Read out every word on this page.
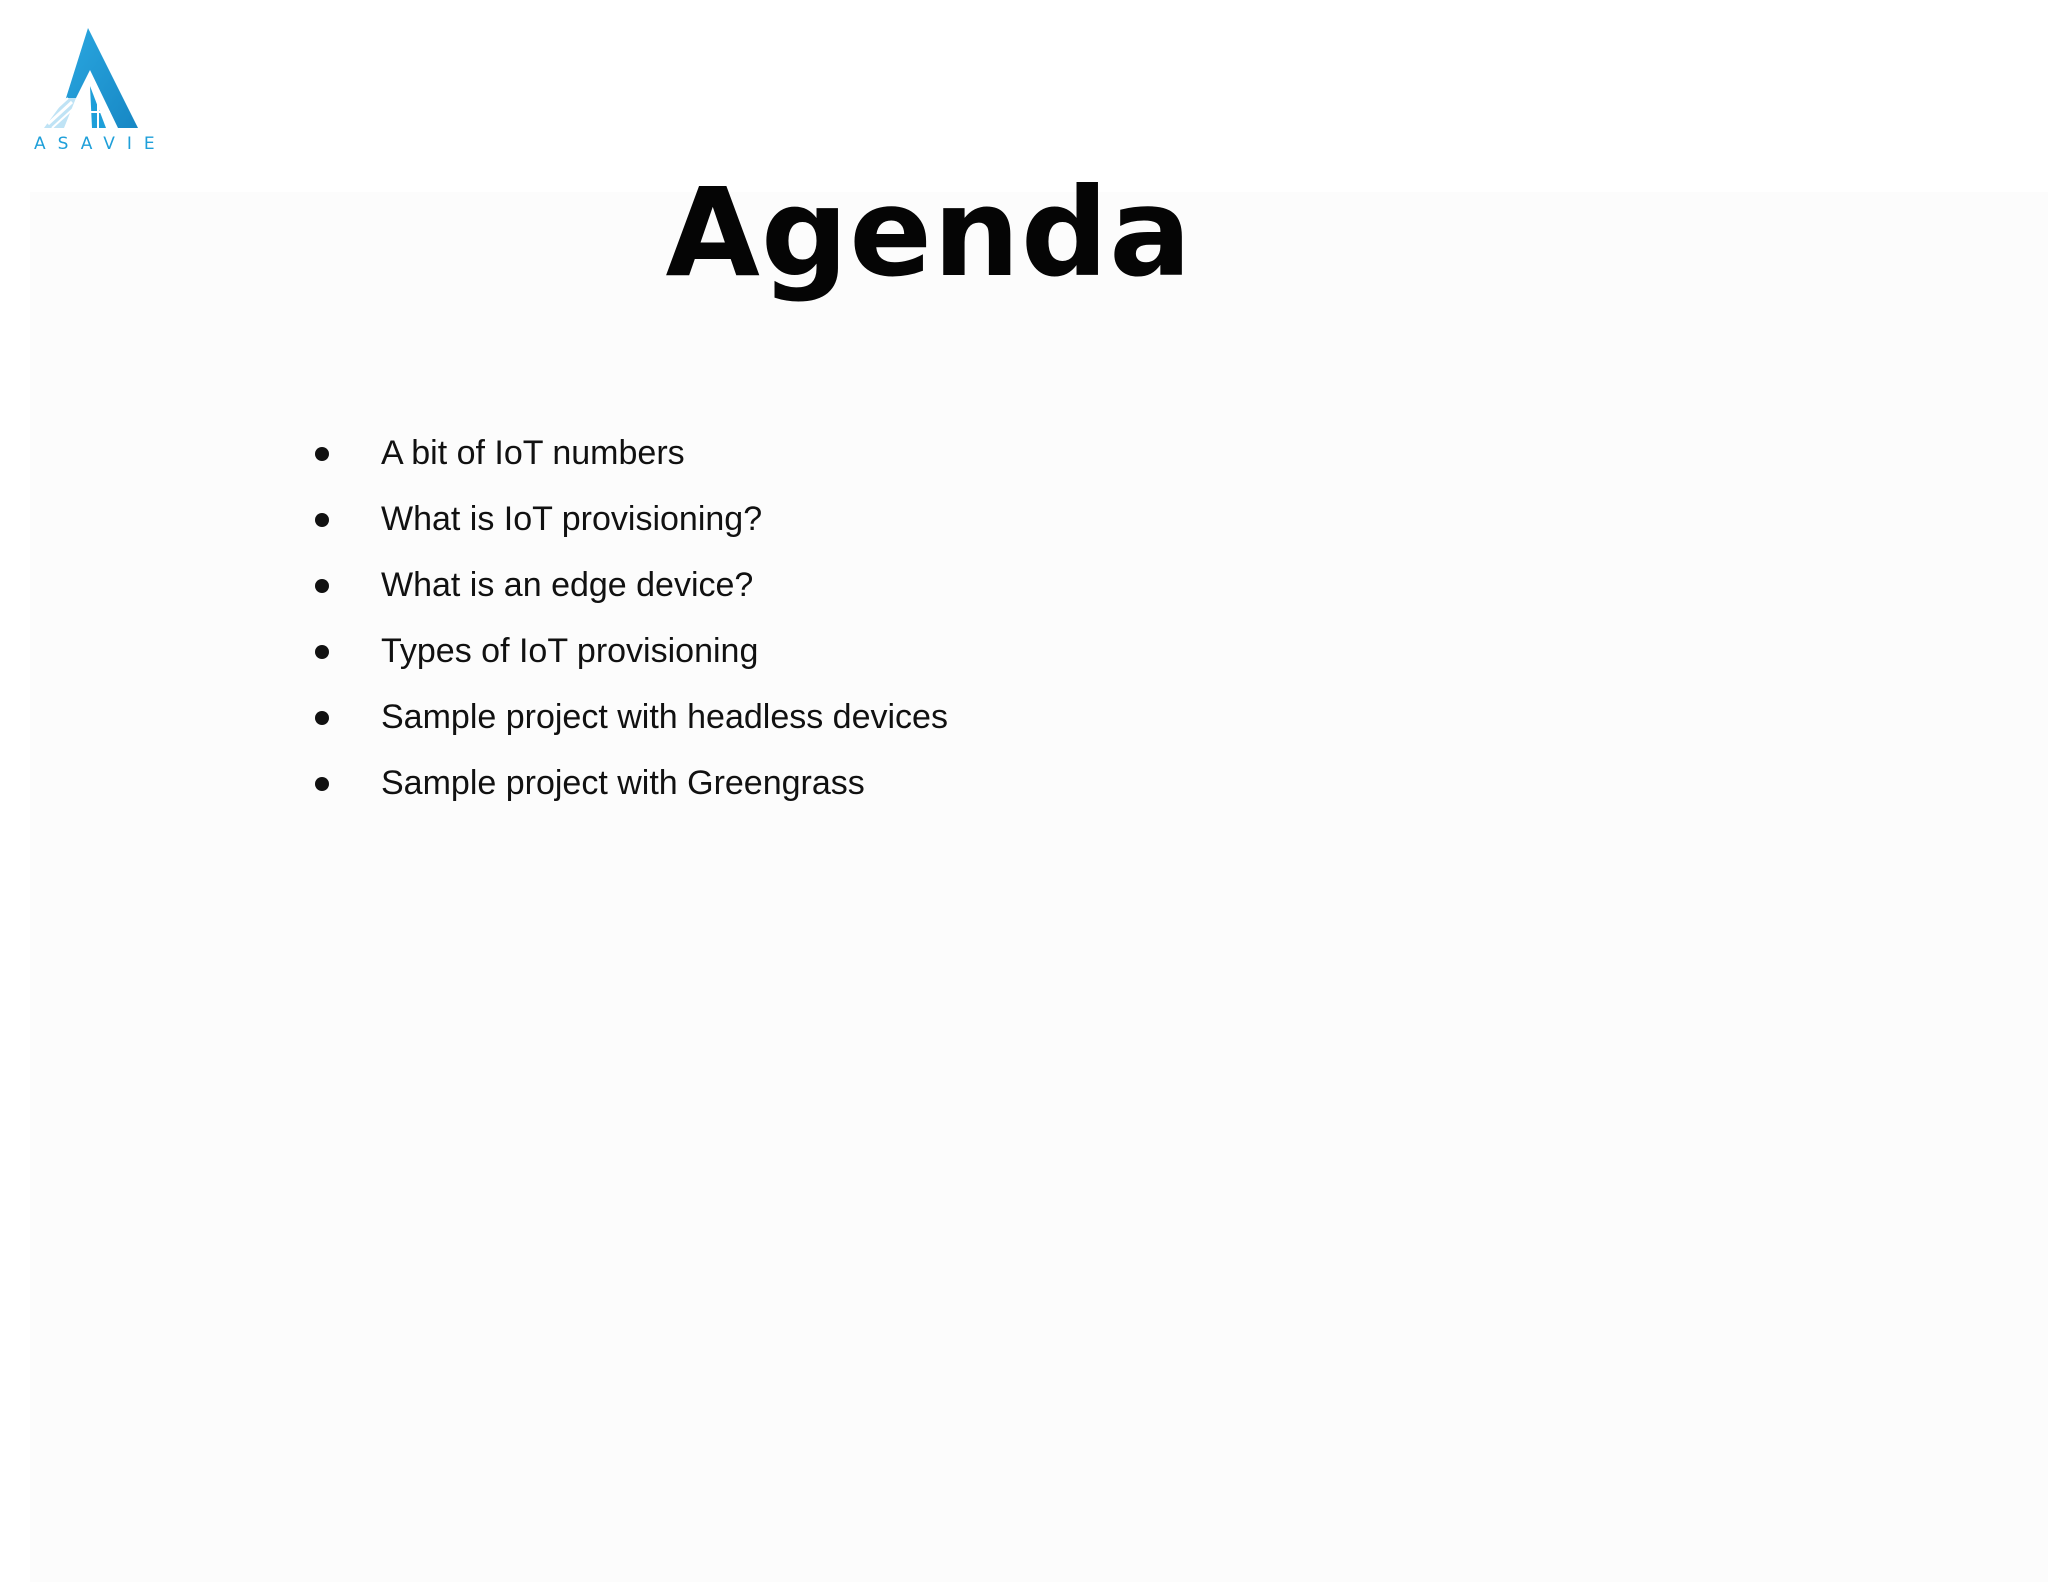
ASAVIE
Agenda
A bit of IoT numbers
What is IoT provisioning?
What is an edge device?
Types of IoT provisioning
Sample project with headless devices
Sample project with Greengrass
